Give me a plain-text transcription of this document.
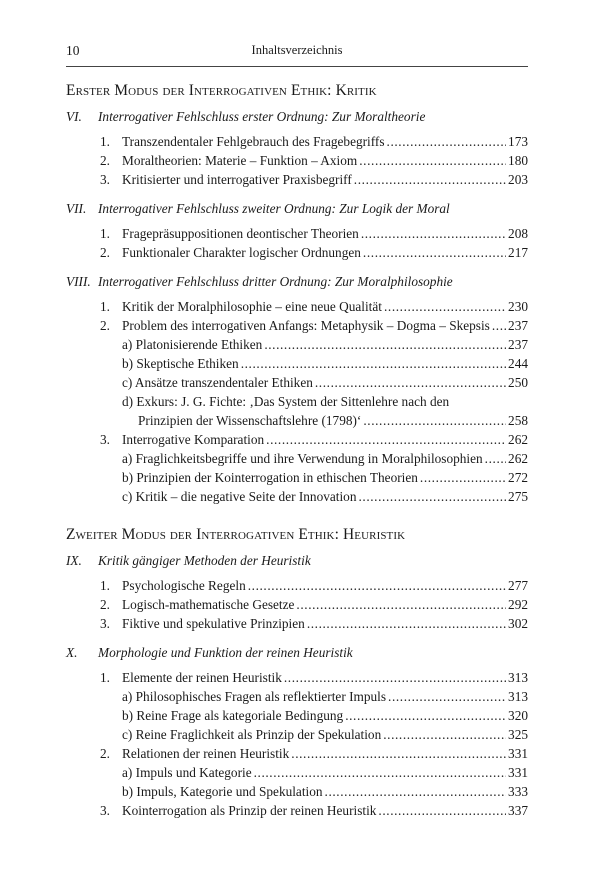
10	Inhaltsverzeichnis
Erster Modus der Interrogativen Ethik: Kritik
VI.	Interrogativer Fehlschluss erster Ordnung: Zur Moraltheorie
1. Transzendentaler Fehlgebrauch des Fragebegriffs .....	173
2. Moraltheorien: Materie – Funktion – Axiom .....	180
3. Kritisierter und interrogativer Praxisbegriff .....	203
VII. Interrogativer Fehlschluss zweiter Ordnung: Zur Logik der Moral
1. Fragepräsuppositionen deontischer Theorien .....	208
2. Funktionaler Charakter logischer Ordnungen .....	217
VIII. Interrogativer Fehlschluss dritter Ordnung: Zur Moralphilosophie
1. Kritik der Moralphilosophie – eine neue Qualität .....	230
2. Problem des interrogativen Anfangs: Metaphysik – Dogma – Skepsis ..... 237
a) Platonisierende Ethiken .....	237
b) Skeptische Ethiken .....	244
c) Ansätze transzendentaler Ethiken .....	250
d) Exkurs: J. G. Fichte: ‚Das System der Sittenlehre nach den
Prinzipien der Wissenschaftslehre (1798)‘ .....	258
3. Interrogative Komparation .....	262
a) Fraglichkeitsbegriffe und ihre Verwendung in Moralphilosophien ..... 262
b) Prinzipien der Kointerrogation in ethischen Theorien .....	272
c) Kritik – die negative Seite der Innovation .....	275
Zweiter Modus der Interrogativen Ethik: Heuristik
IX.	Kritik gängiger Methoden der Heuristik
1. Psychologische Regeln .....	277
2. Logisch-mathematische Gesetze .....	292
3. Fiktive und spekulative Prinzipien .....	302
X.	Morphologie und Funktion der reinen Heuristik
1. Elemente der reinen Heuristik .....	313
a) Philosophisches Fragen als reflektierter Impuls .....	313
b) Reine Frage als kategoriale Bedingung .....	320
c) Reine Fraglichkeit als Prinzip der Spekulation .....	325
2. Relationen der reinen Heuristik .....	331
a) Impuls und Kategorie .....	331
b) Impuls, Kategorie und Spekulation .....	333
3. Kointerrogation als Prinzip der reinen Heuristik .....	337
